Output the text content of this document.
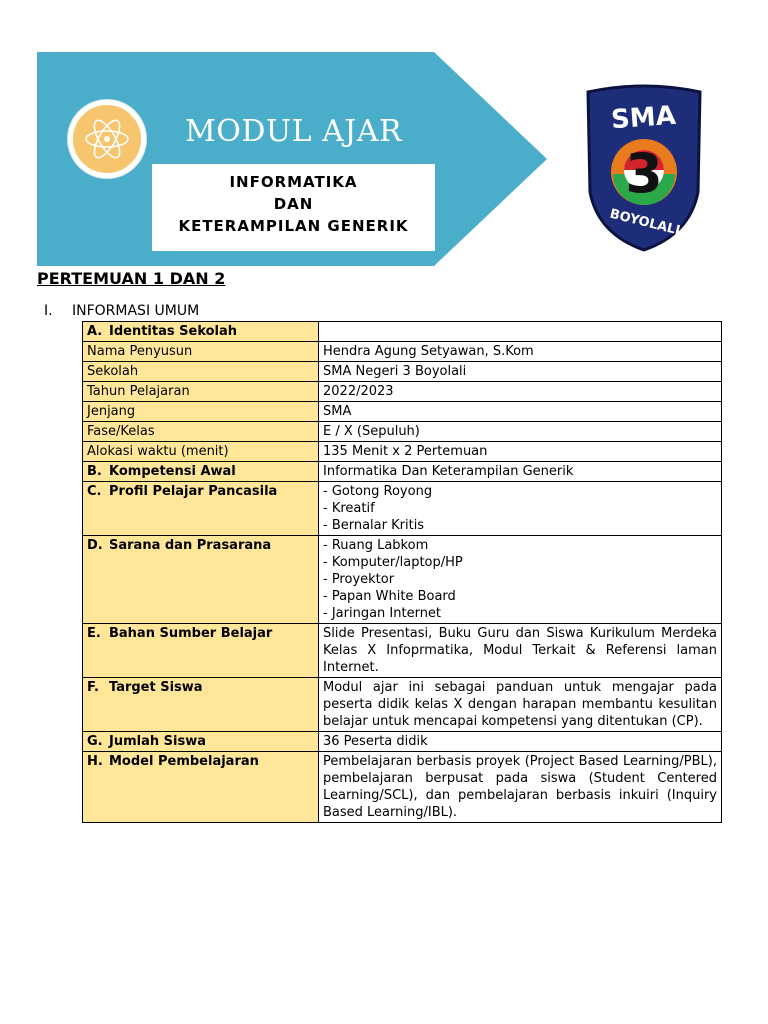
MODUL AJAR
INFORMATIKA
DAN
KETERAMPILAN GENERIK
3
SMA
BOYOLALI
PERTEMUAN 1 DAN 2
I. INFORMASI UMUM
A. Identitas Sekolah	
Nama Penyusun	Hendra Agung Setyawan, S.Kom
Sekolah	SMA Negeri 3 Boyolali
Tahun Pelajaran	2022/2023
Jenjang	SMA
Fase/Kelas	E / X (Sepuluh)
Alokasi waktu (menit)	135 Menit x 2 Pertemuan
B. Kompetensi Awal	Informatika Dan Keterampilan Generik
C. Profil Pelajar Pancasila	- Gotong Royong
- Kreatif
- Bernalar Kritis

D. Sarana dan Prasarana	- Ruang Labkom
- Komputer/laptop/HP
- Proyektor
- Papan White Board
- Jaringan Internet

E. Bahan Sumber Belajar	Slide Presentasi, Buku Guru dan Siswa Kurikulum Merdeka Kelas X Infoprmatika, Modul Terkait & Referensi laman Internet.
F. Target Siswa	Modul ajar ini sebagai panduan untuk mengajar pada peserta didik kelas X dengan harapan membantu kesulitan belajar untuk mencapai kompetensi yang ditentukan (CP).
G. Jumlah Siswa	36 Peserta didik
H. Model Pembelajaran	Pembelajaran berbasis proyek (Project Based Learning/PBL), pembelajaran berpusat pada siswa (Student Centered Learning/SCL), dan pembelajaran berbasis inkuiri (Inquiry Based Learning/IBL).
